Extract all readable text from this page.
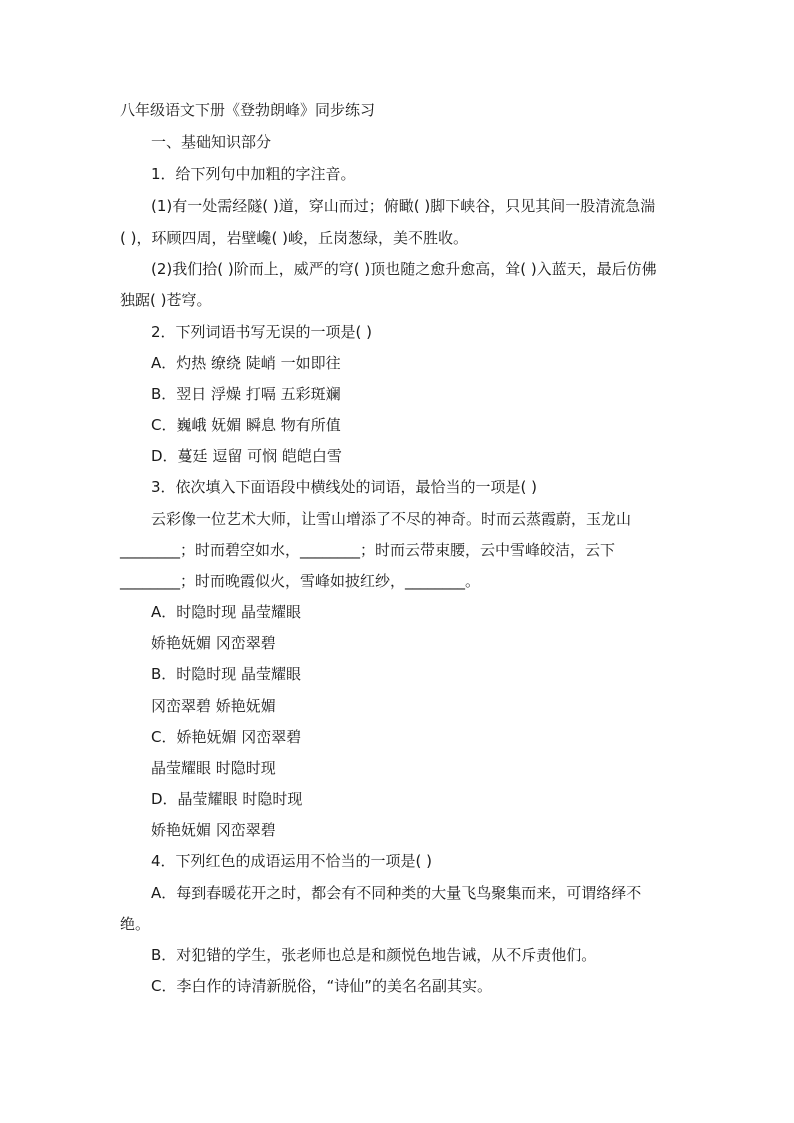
八年级语文下册《登勃朗峰》同步练习
一、基础知识部分
1．给下列句中加粗的字注音。
(1)有一处需经隧( )道，穿山而过；俯瞰( )脚下峡谷，只见其间一股清流急湍
( )，环顾四周，岩壁巉( )峻，丘岗葱绿，美不胜收。
(2)我们拾( )阶而上，威严的穹( )顶也随之愈升愈高，耸( )入蓝天，最后仿佛
独踞( )苍穹。
2．下列词语书写无误的一项是( )
A．灼热 缭绕 陡峭 一如即往
B．翌日 浮燥 打嗝 五彩斑斓
C．巍峨 妩媚 瞬息 物有所值
D．蔓廷 逗留 可悯 皑皑白雪
3．依次填入下面语段中横线处的词语，最恰当的一项是( )
云彩像一位艺术大师，让雪山增添了不尽的神奇。时而云蒸霞蔚，玉龙山
________；时而碧空如水，________；时而云带束腰，云中雪峰皎洁，云下
________；时而晚霞似火，雪峰如披红纱，________。
A．时隐时现 晶莹耀眼
娇艳妩媚 冈峦翠碧
B．时隐时现 晶莹耀眼
冈峦翠碧 娇艳妩媚
C．娇艳妩媚 冈峦翠碧
晶莹耀眼 时隐时现
D．晶莹耀眼 时隐时现
娇艳妩媚 冈峦翠碧
4．下列红色的成语运用不恰当的一项是( )
A．每到春暖花开之时，都会有不同种类的大量飞鸟聚集而来，可谓络绎不
绝。
B．对犯错的学生，张老师也总是和颜悦色地告诫，从不斥责他们。
C．李白作的诗清新脱俗，“诗仙”的美名名副其实。
